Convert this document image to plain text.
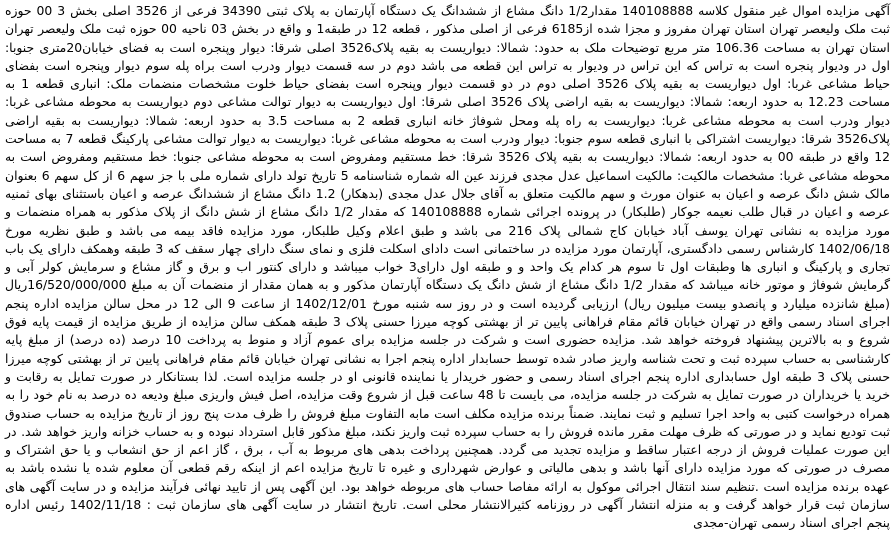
آگهی مزایده اموال غیر منقول کلاسه 140108888 مقدار1/2 دانگ مشاع از ششدانگ یک دستگاه آپارتمان به پلاک ثبتی 34390 فرعی از 3526 اصلی بخش 3 00 حوزه ثبت ملک ولیعصر تهران استان تهران مفروز و مجزا شده از6185 فرعی از اصلی مذکور ، قطعه 12 در طبقه1 و واقع در بخش 03 ناحیه 00 حوزه ثبت ملک ولیعصر تهران استان تهران به مساحت 106.36 متر مربع توضیحات ملک به حدود: شمالا: دیواریست به بقیه پلاک3526 اصلی شرقا: دیوار وپنجره است به فضای خیابان20متری جنوبا: اول در ودیوار پنجره است به تراس که این تراس در ودیوار به تراس این قطعه می باشد دوم در سه قسمت دیوار ودرب است براه پله سوم دیوار وپنجره است بفضای حیاط مشاعی غربا: اول دیواریست به بقیه پلاک 3526 اصلی دوم در دو قسمت دیوار وپنجره است بفضای حیاط خلوت مشخصات منضمات ملک: انباری قطعه 1 به مساحت 12.23 به حدود اربعه: شمالا: دیواریست به بقیه اراضی پلاک 3526 اصلی شرقا: اول دیواریست به دیوار توالت مشاعی دوم دیواریست به محوطه مشاعی غربا: دیوار ودرب است به محوطه مشاعی غربا: دیواریست به راه پله ومحل شوفاژ خانه انباری قطعه 2 به مساحت 3.5 به حدود اربعه: شمالا: دیواریست به بقیه اراضی پلاک3526 شرقا: دیواریست اشتراکی با انباری قطعه سوم جنوبا: دیوار ودرب است به محوطه مشاعی غربا: دیواریست به دیوار توالت مشاعی پارکینگ قطعه 7 به مساحت 12 واقع در طبقه 00 به حدود اربعه: شمالا: دیواریست به بقیه پلاک 3526 شرقا: خط مستقیم ومفروض است به محوطه مشاعی جنوبا: خط مستقیم ومفروض است به محوطه مشاعی غربا: مشخصات مالکیت: مالکیت اسماعیل عدل مجدی فرزند عین اله شماره شناسنامه 5 تاریخ تولد دارای شماره ملی با جز سهم 6 از کل سهم 6 بعنوان مالک شش دانگ عرصه و اعیان به عنوان مورث و سهم مالکیت متعلق به آقای جلال عدل مجدی (بدهکار) 1.2 دانگ مشاع از ششدانگ عرصه و اعیان باستثنای بهای ثمنیه عرصه و اعیان در قبال طلب نعیمه جوکار (طلبکار) در پرونده اجرائی شماره 140108888 که مقدار 1/2 دانگ مشاع از شش دانگ از پلاک مذکور به همراه منضمات و مورد مزایده به نشانی تهران یوسف آباد خیابان کاج شمالی پلاک 216 می باشد و طبق اعلام وکیل طلبکار، مورد مزایده فاقد بیمه می باشد و طبق نظریه مورخ 1402/06/18 کارشناس رسمی دادگستری، آپارتمان مورد مزایده در ساختمانی است دادای اسکلت فلزی و نمای سنگ دارای چهار سقف که 3 طبقه وهمکف دارای یک باب تجاری و پارکینگ و انباری ها وطبقات اول تا سوم هر کدام یک واحد و و طبقه اول دارای3 خواب میباشد و دارای کنتور اب و برق و گاز مشاع و سرمایش کولر آبی و گرمایش شوفاژ و موتور خانه میباشد که مقدار 1/2 دانگ مشاع از شش دانگ یک دستگاه آپارتمان مذکور و به همان مقدار از منضمات آن به مبلغ 16/520/000/000ریال (مبلغ شانزده میلیارد و پانصدو بیست میلیون ریال) ارزیابی گردیده است و در روز سه شنبه مورخ 1402/12/01 از ساعت 9 الی 12 در محل سالن مزایده اداره پنجم اجرای اسناد رسمی واقع در تهران خیابان قائم مقام فراهانی پایین تر از بهشتی کوچه میرزا حسنی پلاک 3 طبقه همکف سالن مزایده از طریق مزایده از قیمت پایه فوق شروع و به بالاترین پیشنهاد فروخته خواهد شد. مزایده حضوری است و شرکت در جلسه مزایده برای عموم آزاد و منوط به پرداخت 10 درصد (ده درصد) از مبلغ پایه کارشناسی به حساب سپرده ثبت و تحت شناسه واریز صادر شده توسط حسابدار اداره پنجم اجرا به نشانی تهران خیابان قائم مقام فراهانی پایین تر از بهشتی کوچه میرزا حسنی پلاک 3 طبقه اول حسابداری اداره پنجم اجرای اسناد رسمی و حضور خریدار یا نماینده قانونی او در جلسه مزایده است. لذا بستانکار در صورت تمایل به رقابت و خرید یا خریداران در صورت تمایل به شرکت در جلسه مزایده، می بایست تا 48 ساعت قبل از شروع وقت مزایده، اصل فیش واریزی مبلغ ودیعه ده درصد به نام خود را به همراه درخواست کتبی به واحد اجرا تسلیم و ثبت نمایند. ضمناً برنده مزایده مکلف است مابه التفاوت مبلغ فروش را ظرف مدت پنج روز از تاریخ مزایده به حساب صندوق ثبت تودیع نماید و در صورتی که ظرف مهلت مقرر مانده فروش را به حساب سپرده ثبت واریز نکند، مبلغ مذکور قابل استرداد نبوده و به حساب خزانه واریز خواهد شد. در این صورت عملیات فروش از درجه اعتبار ساقط و مزایده تجدید می گردد. همچنین پرداخت بدهی های مربوط به آب ، برق ، گاز اعم از حق انشعاب و یا حق اشتراک و مصرف در صورتی که مورد مزایده دارای آنها باشد و بدهی مالیاتی و عوارض شهرداری و غیره تا تاریخ مزایده اعم از اینکه رقم قطعی آن معلوم شده یا نشده باشد به عهده برنده مزایده است .تنظیم سند انتقال اجرائی موکول به ارائه مفاصا حساب های مربوطه خواهد بود. این آگهی پس از تایید نهائی فرآیند مزایده و در سایت آگهی های سازمان ثبت قرار خواهد گرفت و به منزله انتشار آگهی در روزنامه کثیرالانتشار محلی است. تاریخ انتشار در سایت آگهی های سازمان ثبت : 1402/11/18 رئیس اداره پنجم اجرای اسناد رسمی تهران-مجدی
